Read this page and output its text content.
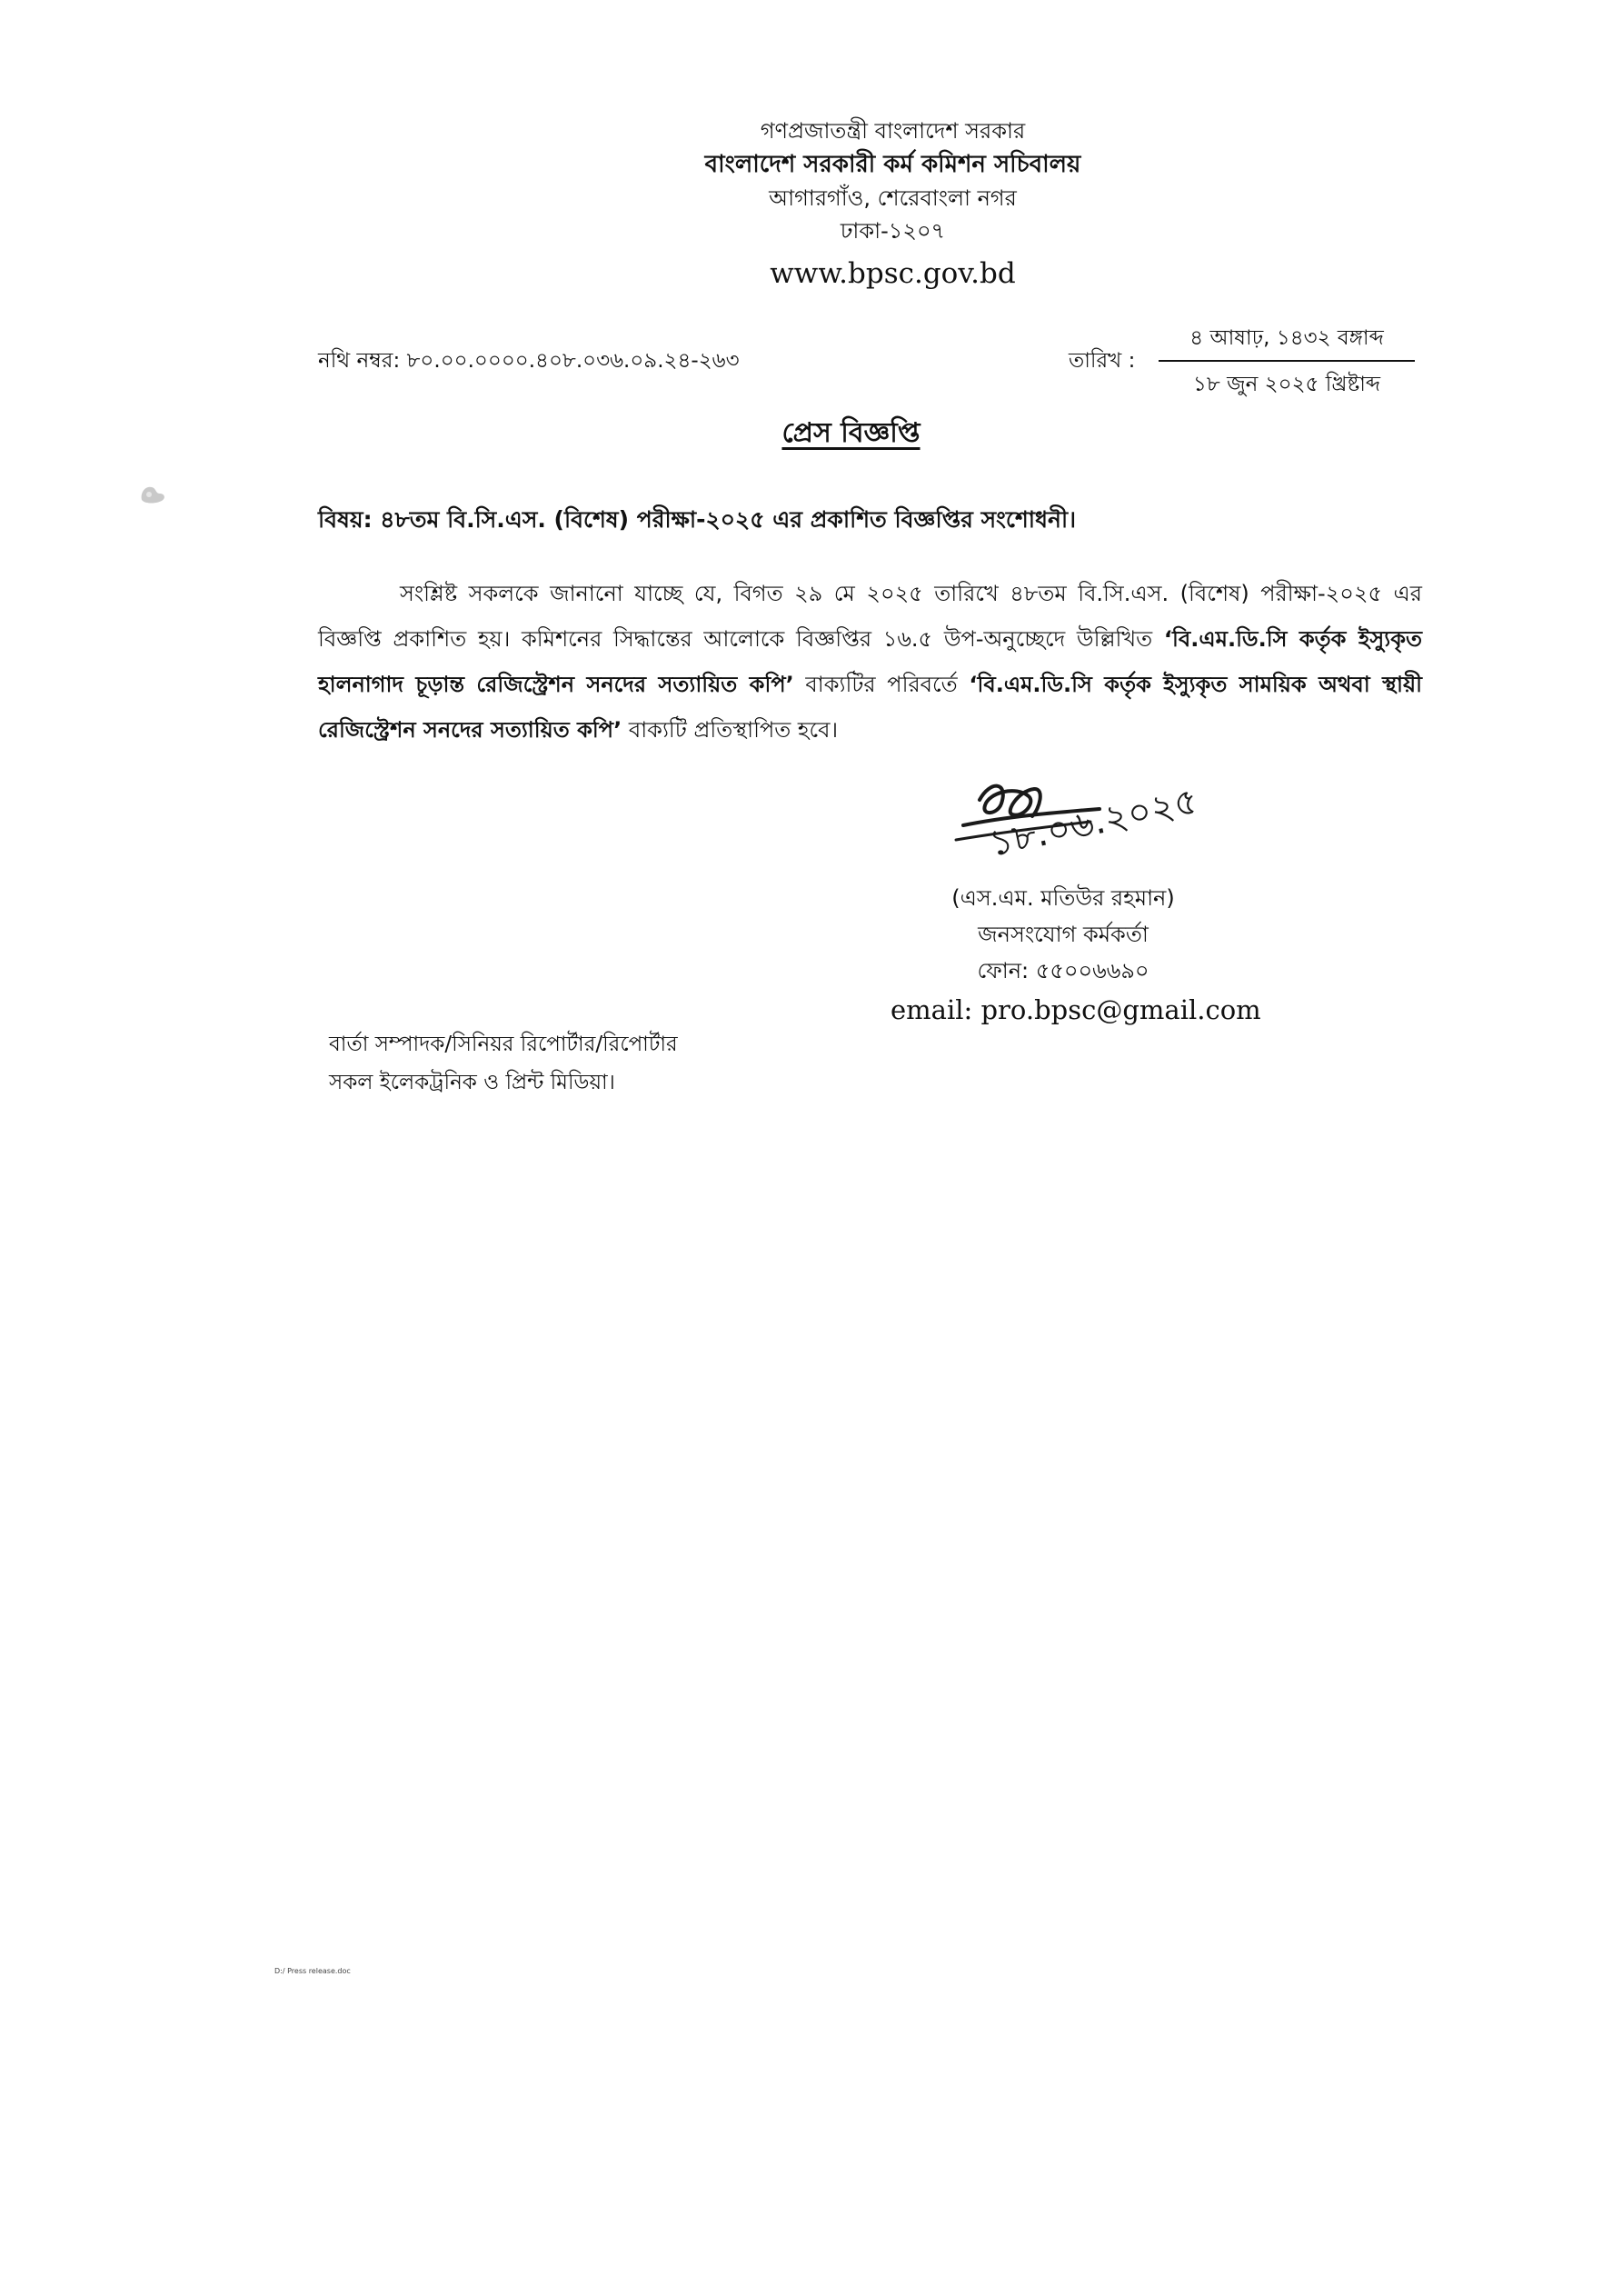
গণপ্রজাতন্ত্রী বাংলাদেশ সরকার
বাংলাদেশ সরকারী কর্ম কমিশন সচিবালয়
আগারগাঁও, শেরেবাংলা নগর
ঢাকা-১২০৭
www.bpsc.gov.bd
নথি নম্বর: ৮০.০০.০০০০.৪০৮.০৩৬.০৯.২৪-২৬৩	তারিখ :
৪ আষাঢ়, ১৪৩২ বঙ্গাব্দ
১৮ জুন ২০২৫ খ্রিষ্টাব্দ
প্রেস বিজ্ঞপ্তি
বিষয়: ৪৮তম বি.সি.এস. (বিশেষ) পরীক্ষা-২০২৫ এর প্রকাশিত বিজ্ঞপ্তির সংশোধনী।
সংশ্লিষ্ট সকলকে জানানো যাচ্ছে যে, বিগত ২৯ মে ২০২৫ তারিখে ৪৮তম বি.সি.এস. (বিশেষ) পরীক্ষা-২০২৫ এর বিজ্ঞপ্তি প্রকাশিত হয়। কমিশনের সিদ্ধান্তের আলোকে বিজ্ঞপ্তির ১৬.৫ উপ-অনুচ্ছেদে উল্লিখিত ‘বি.এম.ডি.সি কর্তৃক ইস্যুকৃত হালনাগাদ চূড়ান্ত রেজিস্ট্রেশন সনদের সত্যায়িত কপি’ বাক্যটির পরিবর্তে ‘বি.এম.ডি.সি কর্তৃক ইস্যুকৃত সাময়িক অথবা স্থায়ী রেজিস্ট্রেশন সনদের সত্যায়িত কপি’ বাক্যটি প্রতিস্থাপিত হবে।
১৮.০৬.২০২৫
(এস.এম. মতিউর রহমান)
জনসংযোগ কর্মকর্তা
ফোন: ৫৫০০৬৬৯০
email: pro.bpsc@gmail.com
বার্তা সম্পাদক/সিনিয়র রিপোর্টার/রিপোর্টার
সকল ইলেকট্রনিক ও প্রিন্ট মিডিয়া।
D:/ Press release.doc
